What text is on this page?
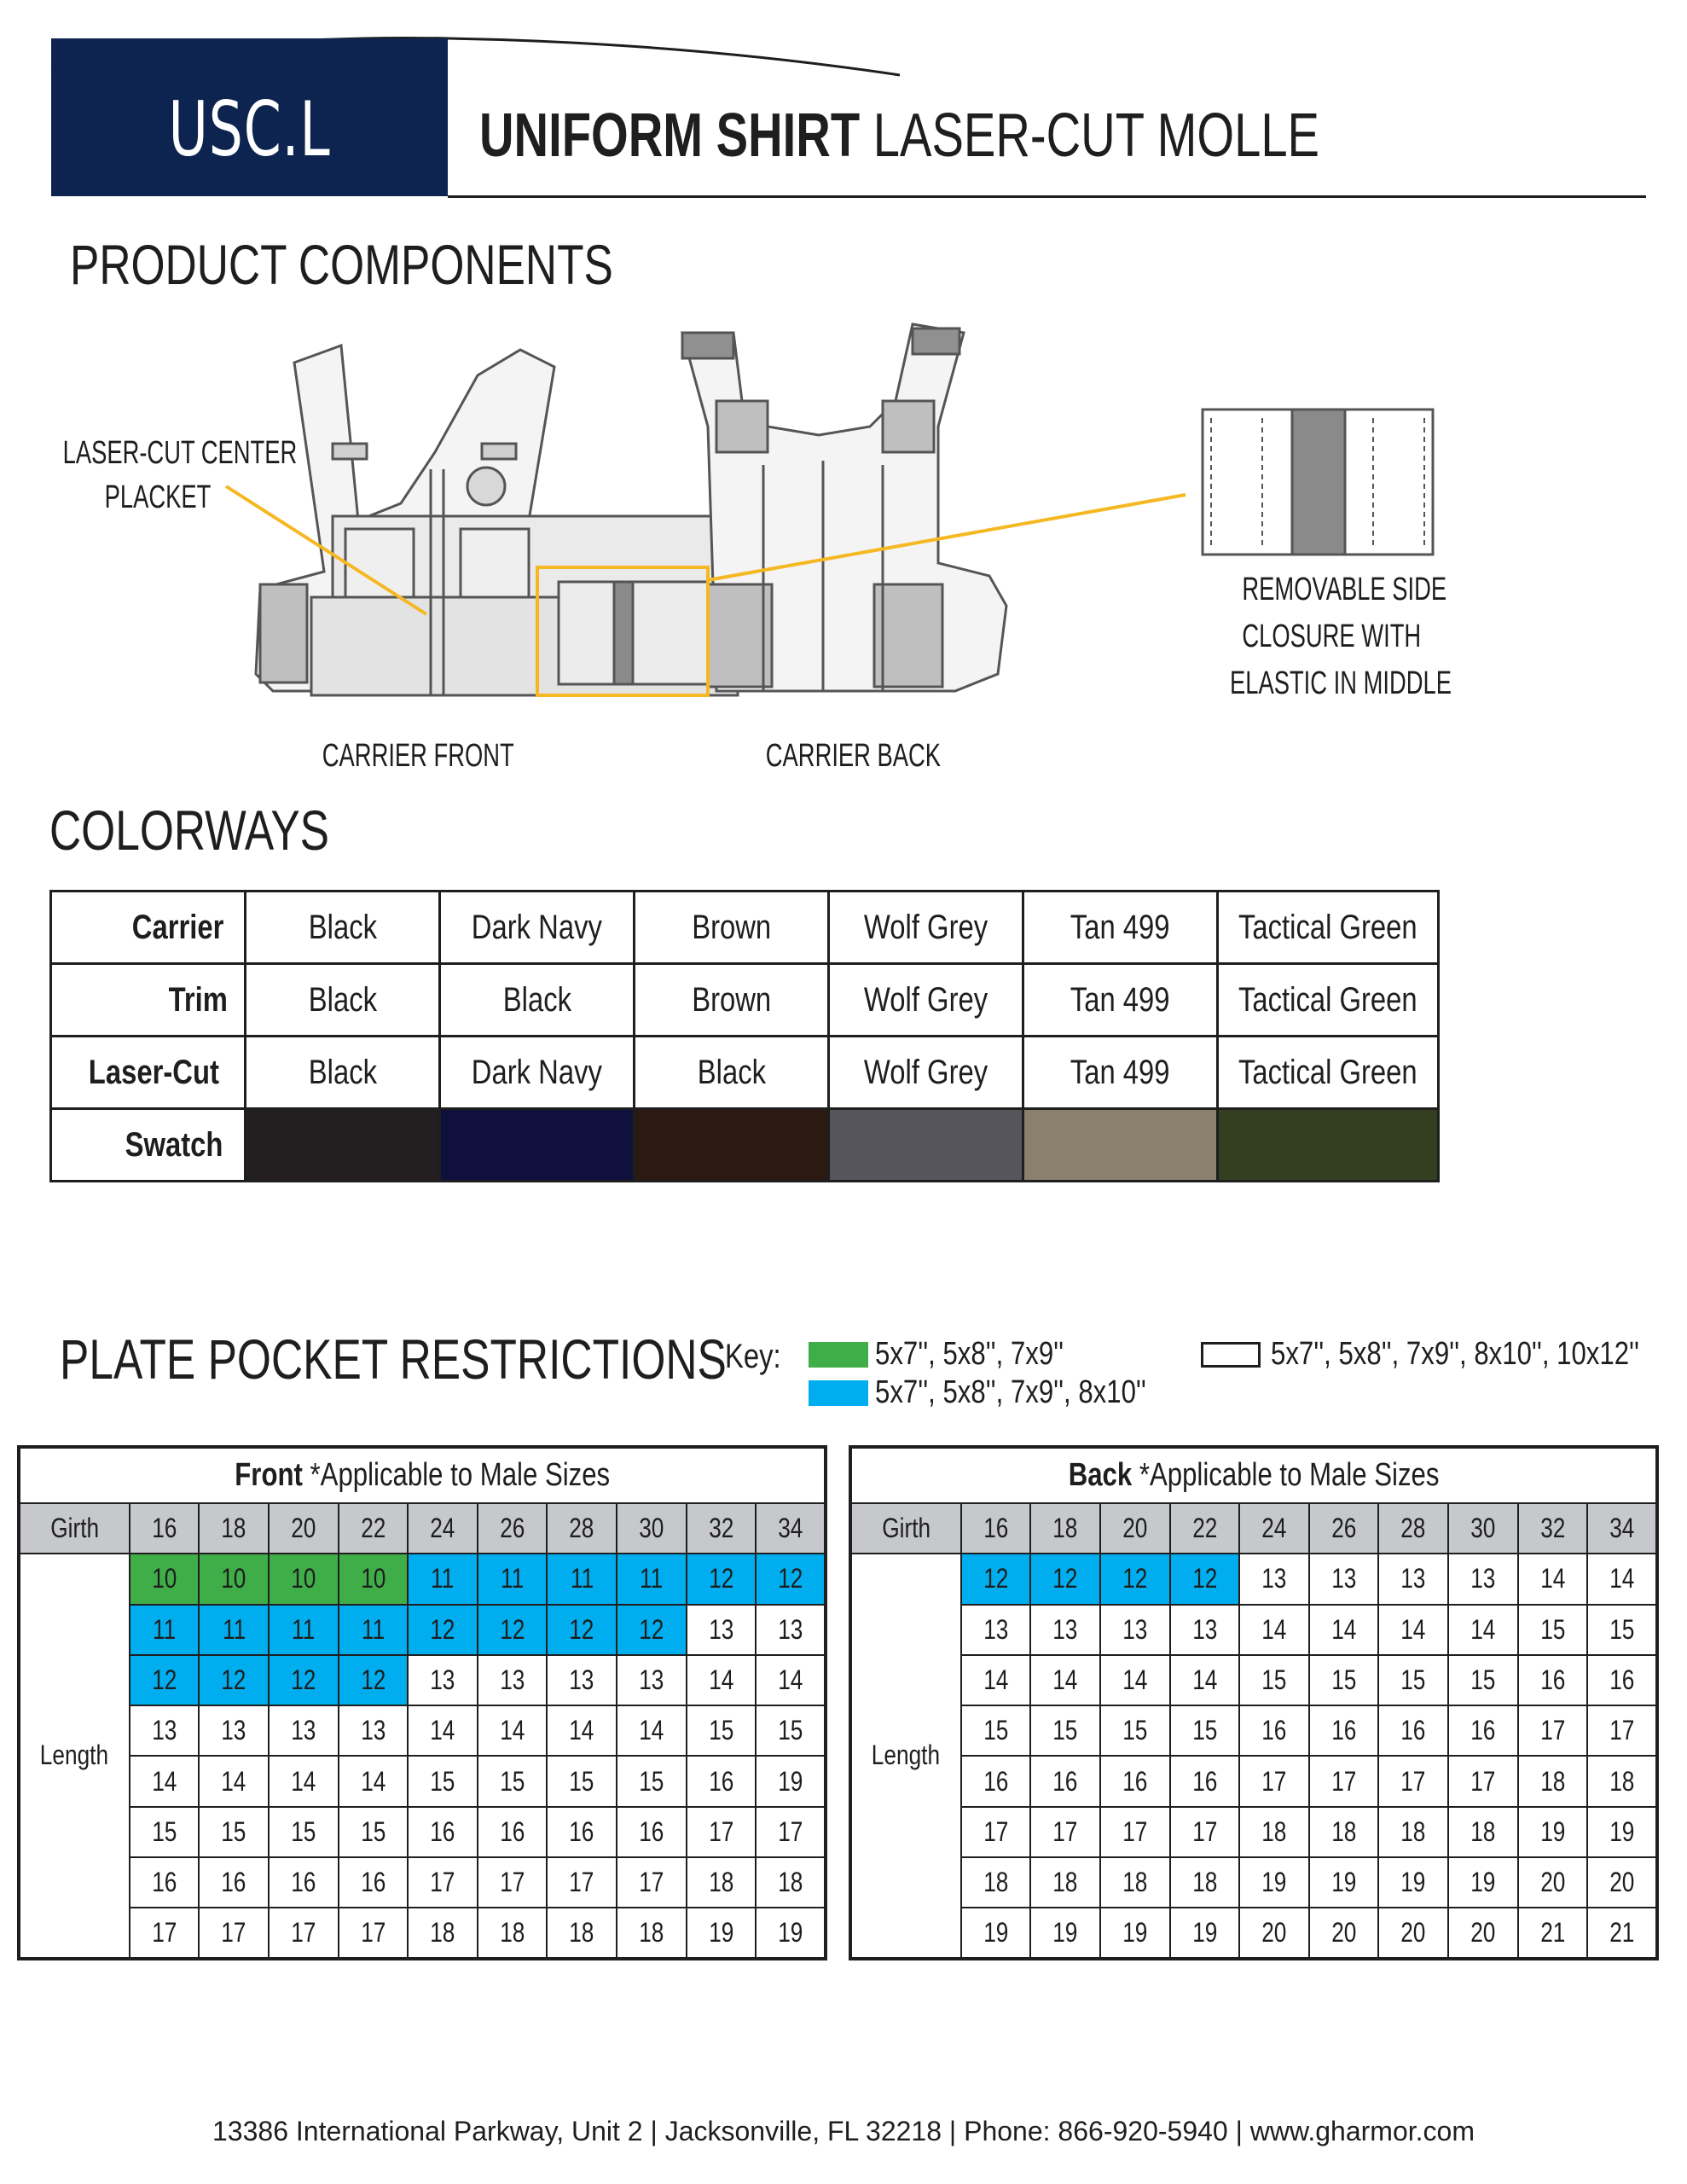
USC.L	UNIFORM SHIRT LASER-CUT MOLLE
PRODUCT COMPONENTS
LASER-CUT CENTER
PLACKET
REMOVABLE SIDE
CLOSURE WITH
ELASTIC IN MIDDLE
CARRIER FRONT	CARRIER BACK
COLORWAYS
Carrier	Black	Dark Navy	Brown	Wolf Grey	Tan 499	Tactical Green
Trim	Black	Black	Brown	Wolf Grey	Tan 499	Tactical Green
Laser-Cut	Black	Dark Navy	Black	Wolf Grey	Tan 499	Tactical Green
Swatch						
PLATE POCKET RESTRICTIONS
Key:	5x7'', 5x8'', 7x9''
5x7'', 5x8'', 7x9'', 8x10''
5x7'', 5x8'', 7x9'', 8x10'', 10x12''
Front *Applicable to Male Sizes										
Girth	16	18	20	22	24	26	28	30	32	34
Length	10	10	10	10	11	11	11	11	12	12
	11	11	11	11	12	12	12	12	13	13
	12	12	12	12	13	13	13	13	14	14
	13	13	13	13	14	14	14	14	15	15
	14	14	14	14	15	15	15	15	16	19
	15	15	15	15	16	16	16	16	17	17
	16	16	16	16	17	17	17	17	18	18
	17	17	17	17	18	18	18	18	19	19
Back *Applicable to Male Sizes										
Girth	16	18	20	22	24	26	28	30	32	34
Length	12	12	12	12	13	13	13	13	14	14
	13	13	13	13	14	14	14	14	15	15
	14	14	14	14	15	15	15	15	16	16
	15	15	15	15	16	16	16	16	17	17
	16	16	16	16	17	17	17	17	18	18
	17	17	17	17	18	18	18	18	19	19
	18	18	18	18	19	19	19	19	20	20
	19	19	19	19	20	20	20	20	21	21
13386 International Parkway, Unit 2 | Jacksonville, FL 32218 | Phone: 866-920-5940 | www.gharmor.com
